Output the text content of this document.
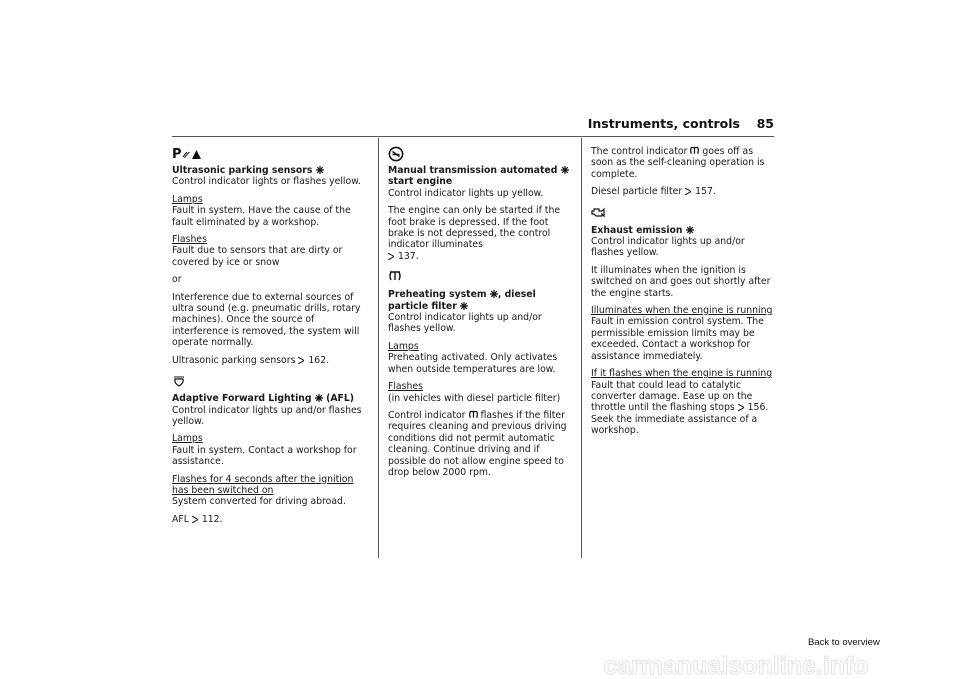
Instruments, controls 85
P

Ultrasonic parking sensors

Control indicator lights or flashes yellow.

Lamps

Fault in system. Have the cause of the fault eliminated by a workshop.

Flashes

Fault due to sensors that are dirty or covered by ice or snow

or

Interference due to external sources of ultra sound (e.g. pneumatic drills, rotary machines). Once the source of interference is removed, the system will operate normally.

Ultrasonic parking sensors 162.

Adaptive Forward Lighting  (AFL)

Control indicator lights up and/or flashes yellow.

Lamps

Fault in system. Contact a workshop for assistance.

Flashes for 4 seconds after the ignition has been switched on

System converted for driving abroad.

AFL 112.

Manual transmission automated  start engine

Control indicator lights up yellow.

The engine can only be started if the foot brake is depressed. If the foot brake is not depressed, the control indicator illuminates
137.

Preheating system , diesel particle filter

Control indicator lights up and/or flashes yellow.

Lamps

Preheating activated. Only activates when outside temperatures are low.

Flashes

(in vehicles with diesel particle filter)

Control indicator flashes if the filter requires cleaning and previous driving conditions did not permit automatic cleaning. Continue driving and if possible do not allow engine speed to drop below 2000 rpm.

The control indicator goes off as soon as the self-cleaning operation is complete.

Diesel particle filter 157.

Exhaust emission

Control indicator lights up and/or flashes yellow.

It illuminates when the ignition is switched on and goes out shortly after the engine starts.

Illuminates when the engine is running

Fault in emission control system. The permissible emission limits may be exceeded. Contact a workshop for assistance immediately.

If it flashes when the engine is running

Fault that could lead to catalytic converter damage. Ease up on the throttle until the flashing stops 156. Seek the immediate assistance of a workshop.

Back to overview
carmanualsonline.info
